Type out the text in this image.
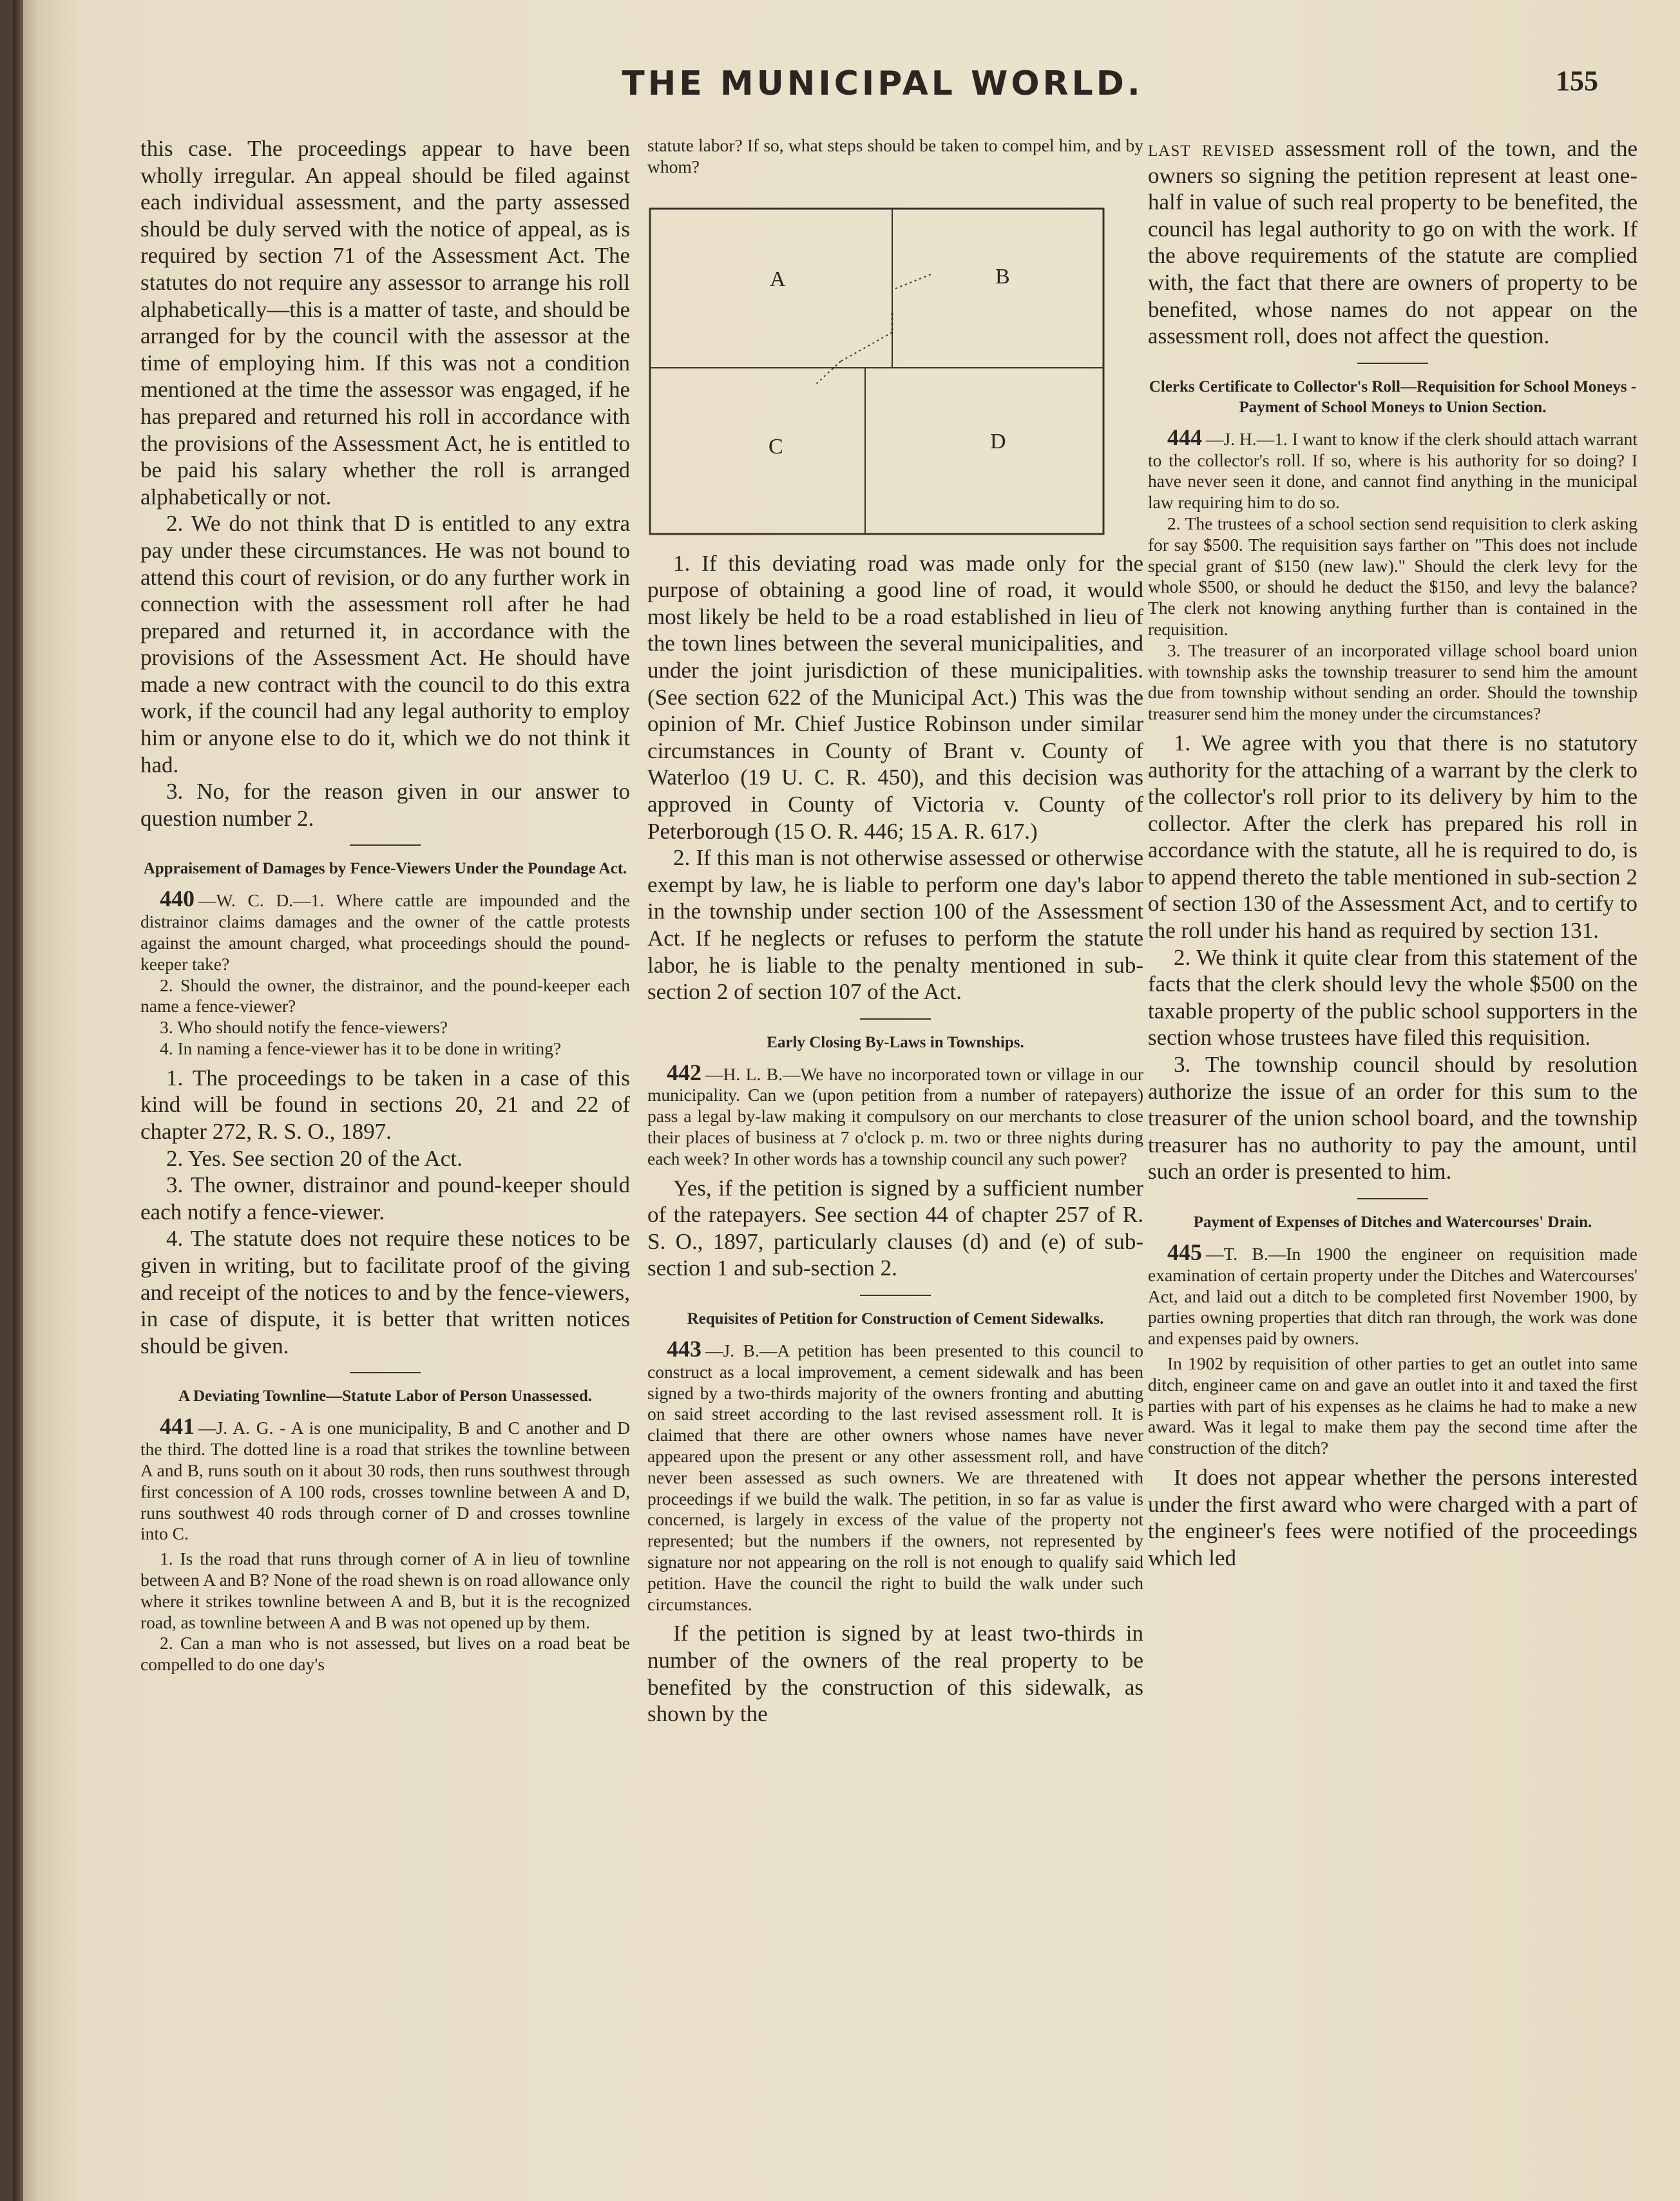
THE MUNICIPAL WORLD.	155

this case. The proceedings appear to have been wholly irregular. An appeal should be filed against each individual assessment, and the party assessed should be duly served with the notice of appeal, as is required by section 71 of the Assessment Act. The statutes do not require any assessor to arrange his roll alphabetically—this is a matter of taste, and should be arranged for by the council with the assessor at the time of employing him. If this was not a condition mentioned at the time the assessor was engaged, if he has prepared and returned his roll in accordance with the provisions of the Assessment Act, he is entitled to be paid his salary whether the roll is arranged alphabetically or not.

2. We do not think that D is entitled to any extra pay under these circumstances. He was not bound to attend this court of revision, or do any further work in connection with the assessment roll after he had prepared and returned it, in accordance with the provisions of the Assessment Act. He should have made a new contract with the council to do this extra work, if the council had any legal authority to employ him or anyone else to do it, which we do not think it had.

3. No, for the reason given in our answer to question number 2.

Appraisement of Damages by Fence-Viewers Under the Poundage Act.

440 —W. C. D.—1. Where cattle are impounded and the distrainor claims damages and the owner of the cattle protests against the amount charged, what proceedings should the pound-keeper take?

2. Should the owner, the distrainor, and the pound-keeper each name a fence-viewer?

3. Who should notify the fence-viewers?

4. In naming a fence-viewer has it to be done in writing?

1. The proceedings to be taken in a case of this kind will be found in sections 20, 21 and 22 of chapter 272, R. S. O., 1897.

2. Yes. See section 20 of the Act.

3. The owner, distrainor and pound-keeper should each notify a fence-viewer.

4. The statute does not require these notices to be given in writing, but to facilitate proof of the giving and receipt of the notices to and by the fence-viewers, in case of dispute, it is better that written notices should be given.

A Deviating Townline—Statute Labor of Person Unassessed.

441 —J. A. G. - A is one municipality, B and C another and D the third. The dotted line is a road that strikes the townline between A and B, runs south on it about 30 rods, then runs southwest through first concession of A 100 rods, crosses townline between A and D, runs southwest 40 rods through corner of D and crosses townline into C.

1. Is the road that runs through corner of A in lieu of townline between A and B? None of the road shewn is on road allowance only where it strikes townline between A and B, but it is the recognized road, as townline between A and B was not opened up by them.

2. Can a man who is not assessed, but lives on a road beat be compelled to do one day's

statute labor? If so, what steps should be taken to compel him, and by whom?

A	B
C	D

1. If this deviating road was made only for the purpose of obtaining a good line of road, it would most likely be held to be a road established in lieu of the town lines between the several municipalities, and under the joint jurisdiction of these municipalities. (See section 622 of the Municipal Act.) This was the opinion of Mr. Chief Justice Robinson under similar circumstances in County of Brant v. County of Waterloo (19 U. C. R. 450), and this decision was approved in County of Victoria v. County of Peterborough (15 O. R. 446; 15 A. R. 617.)

2. If this man is not otherwise assessed or otherwise exempt by law, he is liable to perform one day's labor in the township under section 100 of the Assessment Act. If he neglects or refuses to perform the statute labor, he is liable to the penalty mentioned in sub-section 2 of section 107 of the Act.

Early Closing By-Laws in Townships.

442 —H. L. B.—We have no incorporated town or village in our municipality. Can we (upon petition from a number of ratepayers) pass a legal by-law making it compulsory on our merchants to close their places of business at 7 o'clock p. m. two or three nights during each week? In other words has a township council any such power?

Yes, if the petition is signed by a sufficient number of the ratepayers. See section 44 of chapter 257 of R. S. O., 1897, particularly clauses (d) and (e) of sub-section 1 and sub-section 2.

Requisites of Petition for Construction of Cement Sidewalks.

443 —J. B.—A petition has been presented to this council to construct as a local improvement, a cement sidewalk and has been signed by a two-thirds majority of the owners fronting and abutting on said street according to the last revised assessment roll. It is claimed that there are other owners whose names have never appeared upon the present or any other assessment roll, and have never been assessed as such owners. We are threatened with proceedings if we build the walk. The petition, in so far as value is concerned, is largely in excess of the value of the property not represented; but the numbers if the owners, not represented by signature nor not appearing on the roll is not enough to qualify said petition. Have the council the right to build the walk under such circumstances.

If the petition is signed by at least two-thirds in number of the owners of the real property to be benefited by the construction of this sidewalk, as shown by the

last revised assessment roll of the town, and the owners so signing the petition represent at least one-half in value of such real property to be benefited, the council has legal authority to go on with the work. If the above requirements of the statute are complied with, the fact that there are owners of property to be benefited, whose names do not appear on the assessment roll, does not affect the question.

Clerks Certificate to Collector's Roll—Requisition for School Moneys - Payment of School Moneys to Union Section.

444 —J. H.—1. I want to know if the clerk should attach warrant to the collector's roll. If so, where is his authority for so doing? I have never seen it done, and cannot find anything in the municipal law requiring him to do so.

2. The trustees of a school section send requisition to clerk asking for say $500. The requisition says farther on "This does not include special grant of $150 (new law)." Should the clerk levy for the whole $500, or should he deduct the $150, and levy the balance? The clerk not knowing anything further than is contained in the requisition.

3. The treasurer of an incorporated village school board union with township asks the township treasurer to send him the amount due from township without sending an order. Should the township treasurer send him the money under the circumstances?

1. We agree with you that there is no statutory authority for the attaching of a warrant by the clerk to the collector's roll prior to its delivery by him to the collector. After the clerk has prepared his roll in accordance with the statute, all he is required to do, is to append thereto the table mentioned in sub-section 2 of section 130 of the Assessment Act, and to certify to the roll under his hand as required by section 131.

2. We think it quite clear from this statement of the facts that the clerk should levy the whole $500 on the taxable property of the public school supporters in the section whose trustees have filed this requisition.

3. The township council should by resolution authorize the issue of an order for this sum to the treasurer of the union school board, and the township treasurer has no authority to pay the amount, until such an order is presented to him.

Payment of Expenses of Ditches and Watercourses' Drain.

445 —T. B.—In 1900 the engineer on requisition made examination of certain property under the Ditches and Watercourses' Act, and laid out a ditch to be completed first November 1900, by parties owning properties that ditch ran through, the work was done and expenses paid by owners.

In 1902 by requisition of other parties to get an outlet into same ditch, engineer came on and gave an outlet into it and taxed the first parties with part of his expenses as he claims he had to make a new award. Was it legal to make them pay the second time after the construction of the ditch?

It does not appear whether the persons interested under the first award who were charged with a part of the engineer's fees were notified of the proceedings which led
